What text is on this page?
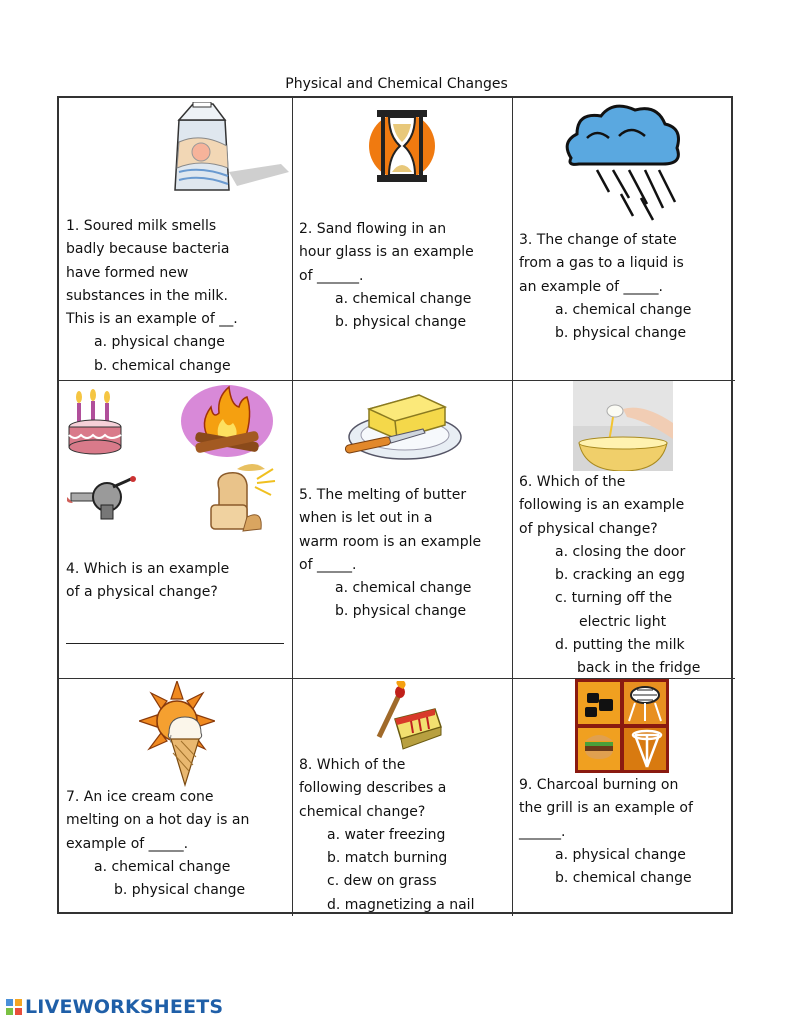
Physical and Chemical Changes
1. Soured milk smells
badly because bacteria
have formed new
substances in the milk.
This is an example of __.
a. physical change
b. chemical change
2. Sand flowing in an
hour glass is an example
of ______.
a. chemical change
b. physical change
3. The change of state
from a gas to a liquid is
an example of _____.
a. chemical change
b. physical change
4. Which is an example
of a physical change?
5. The melting of butter
when is let out in a
warm room is an example
of _____.
a. chemical change
b. physical change
6. Which of the
following is an example
of physical change?
a. closing the door
b. cracking an egg
c. turning off the
electric light
d. putting the milk
back in the fridge
7. An ice cream cone
melting on a hot day is an
example of _____.
a. chemical change
b. physical change
8. Which of the
following describes a
chemical change?
a. water freezing
b. match burning
c. dew on grass
d. magnetizing a nail
9. Charcoal burning on
the grill is an example of
______.
a. physical change
b. chemical change
LIVEWORKSHEETS
